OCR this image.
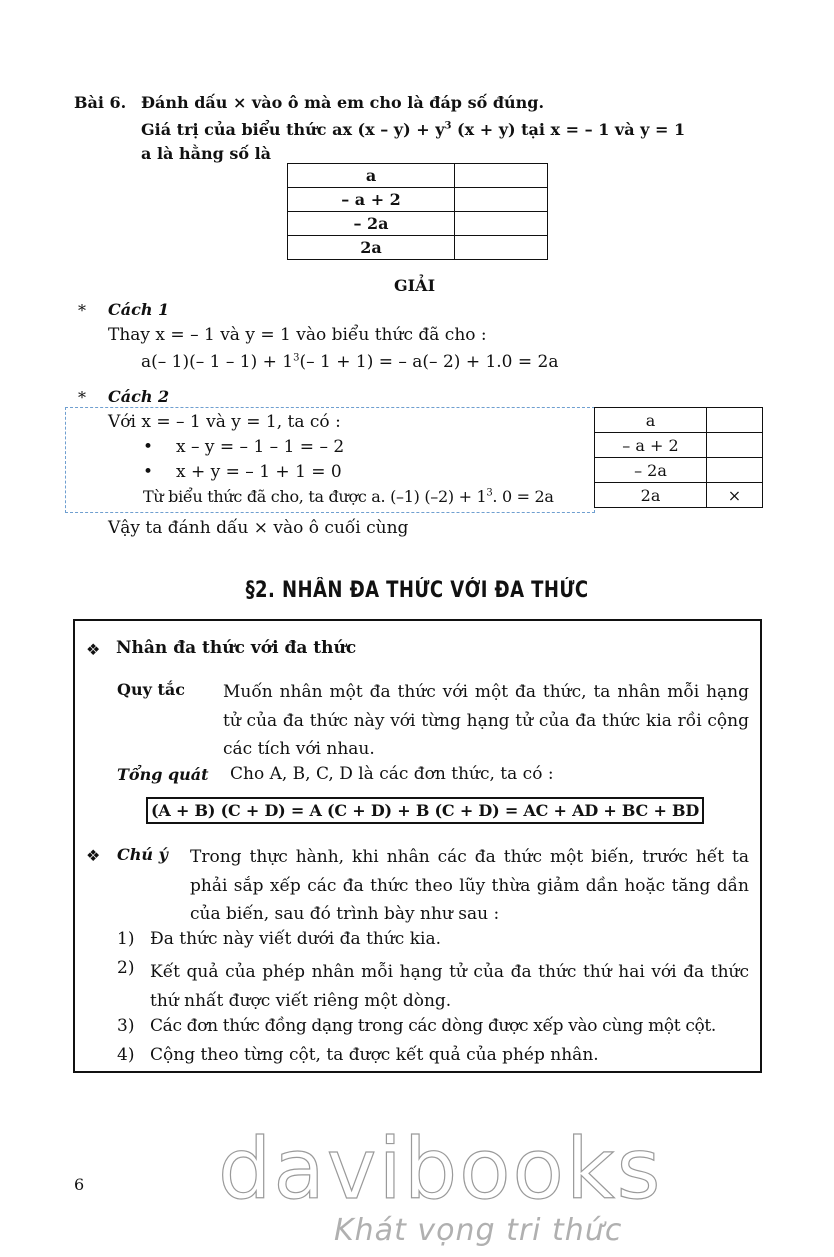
Bài 6. Đánh dấu × vào ô mà em cho là đáp số đúng.
Giá trị của biểu thức ax $(x - y) + y^3$ (x + y) tại x = – 1 và y = 1
a là hằng số là
a	
– a + 2	
– 2a	
2a	
GIẢI
* Cách 1
Thay x = – 1 và y = 1 vào biểu thức đã cho :
a(– 1)(– $1 - 1) + 1^3(-$ 1 + 1) = – a(– 2) + 1.0 = 2a
* Cách 2
Với x = – 1 và y = 1, ta có :
• x – y = – 1 – 1 = – 2
• x + y = – 1 + 1 = 0
Từ biểu thức đã cho, ta được a. (–1) $(-2) + 1^3$. 0 = 2a
a	
– a + 2	
– 2a	
2a	×
Vậy ta đánh dấu × vào ô cuối cùng
§2. NHÂN ĐA THỨC VỚI ĐA THỨC
❖ Nhân đa thức với đa thức
Quy tắc Muốn nhân một đa thức với một đa thức, ta nhân mỗi hạng tử của đa thức này với từng hạng tử của đa thức kia rồi cộng các tích với nhau.
Tổng quát Cho A, B, C, D là các đơn thức, ta có :
(A + B) (C + D) = A (C + D) + B (C + D) = AC + AD + BC + BD
❖ Chú ý Trong thực hành, khi nhân các đa thức một biến, trước hết ta phải sắp xếp các đa thức theo lũy thừa giảm dần hoặc tăng dần của biến, sau đó trình bày như sau :
1) Đa thức này viết dưới đa thức kia.
2) Kết quả của phép nhân mỗi hạng tử của đa thức thứ hai với đa thức thứ nhất được viết riêng một dòng.
3) Các đơn thức đồng dạng trong các dòng được xếp vào cùng một cột.
4) Cộng theo từng cột, ta được kết quả của phép nhân.
6 davibooks
Khát vọng tri thức
